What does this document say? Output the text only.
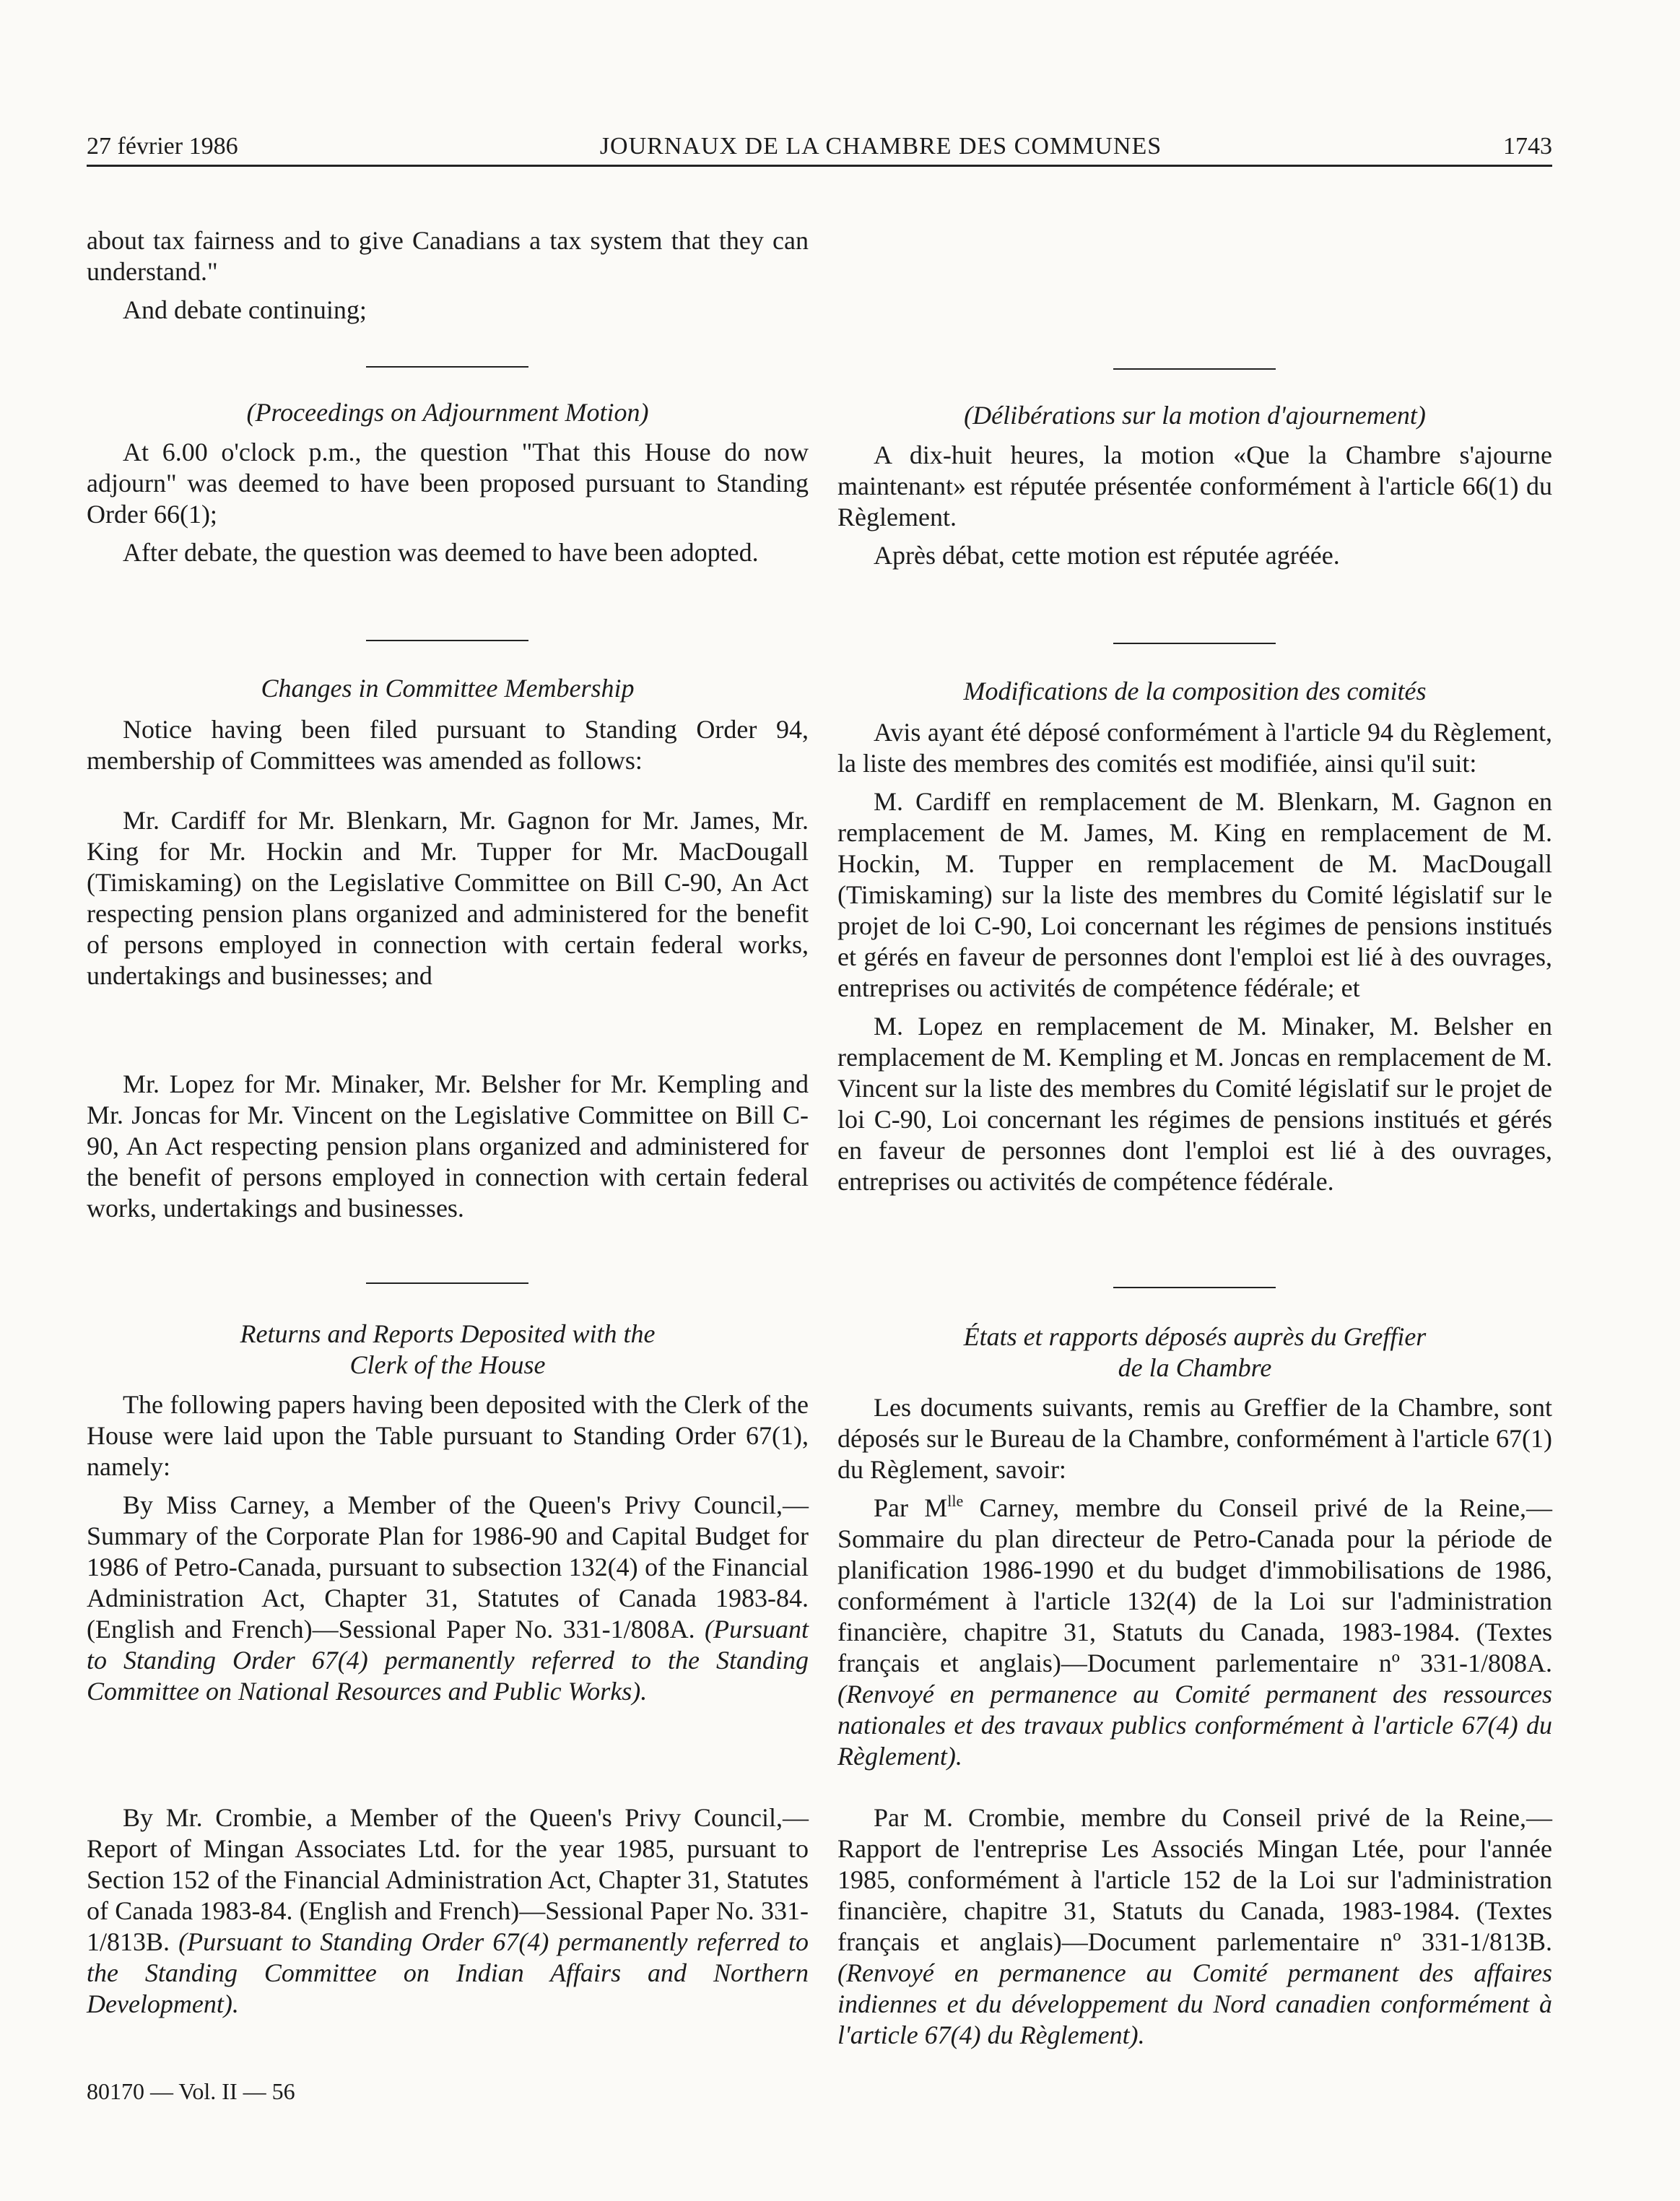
27 février 1986	JOURNAUX DE LA CHAMBRE DES COMMUNES	1743

about tax fairness and to give Canadians a tax system that they can understand."

And debate continuing;

(Proceedings on Adjournment Motion)

At 6.00 o'clock p.m., the question "That this House do now adjourn" was deemed to have been proposed pursuant to Standing Order 66(1);

After debate, the question was deemed to have been adopted.

Changes in Committee Membership

Notice having been filed pursuant to Standing Order 94, membership of Committees was amended as follows:

Mr. Cardiff for Mr. Blenkarn, Mr. Gagnon for Mr. James, Mr. King for Mr. Hockin and Mr. Tupper for Mr. MacDougall (Timiskaming) on the Legislative Committee on Bill C-90, An Act respecting pension plans organized and administered for the benefit of persons employed in connection with certain federal works, undertakings and businesses; and

Mr. Lopez for Mr. Minaker, Mr. Belsher for Mr. Kempling and Mr. Joncas for Mr. Vincent on the Legislative Committee on Bill C-90, An Act respecting pension plans organized and administered for the benefit of persons employed in connection with certain federal works, undertakings and businesses.

Returns and Reports Deposited with the

Clerk of the House

The following papers having been deposited with the Clerk of the House were laid upon the Table pursuant to Standing Order 67(1), namely:

By Miss Carney, a Member of the Queen's Privy Council,—Summary of the Corporate Plan for 1986-90 and Capital Budget for 1986 of Petro-Canada, pursuant to subsection 132(4) of the Financial Administration Act, Chapter 31, Statutes of Canada 1983-84. (English and French)—Sessional Paper No. 331-1/808A. (Pursuant to Standing Order 67(4) permanently referred to the Standing Committee on National Resources and Public Works).

By Mr. Crombie, a Member of the Queen's Privy Council,—Report of Mingan Associates Ltd. for the year 1985, pursuant to Section 152 of the Financial Administration Act, Chapter 31, Statutes of Canada 1983-84. (English and French)—Sessional Paper No. 331-1/813B. (Pursuant to Standing Order 67(4) permanently referred to the Standing Committee on Indian Affairs and Northern Development).

(Délibérations sur la motion d'ajournement)

A dix-huit heures, la motion «Que la Chambre s'ajourne maintenant» est réputée présentée conformément à l'article 66(1) du Règlement.

Après débat, cette motion est réputée agréée.

Modifications de la composition des comités

Avis ayant été déposé conformément à l'article 94 du Règlement, la liste des membres des comités est modifiée, ainsi qu'il suit:

M. Cardiff en remplacement de M. Blenkarn, M. Gagnon en remplacement de M. James, M. King en remplacement de M. Hockin, M. Tupper en remplacement de M. MacDougall (Timiskaming) sur la liste des membres du Comité législatif sur le projet de loi C-90, Loi concernant les régimes de pensions institués et gérés en faveur de personnes dont l'emploi est lié à des ouvrages, entreprises ou activités de compétence fédérale; et

M. Lopez en remplacement de M. Minaker, M. Belsher en remplacement de M. Kempling et M. Joncas en remplacement de M. Vincent sur la liste des membres du Comité législatif sur le projet de loi C-90, Loi concernant les régimes de pensions institués et gérés en faveur de personnes dont l'emploi est lié à des ouvrages, entreprises ou activités de compétence fédérale.

États et rapports déposés auprès du Greffier

de la Chambre

Les documents suivants, remis au Greffier de la Chambre, sont déposés sur le Bureau de la Chambre, conformément à l'article 67(1) du Règlement, savoir:

Par $M^{lle}$ Carney, membre du Conseil privé de la Reine,—Sommaire du plan directeur de Petro-Canada pour la période de planification 1986-1990 et du budget d'immobilisations de 1986, conformément à l'article 132(4) de la Loi sur l'administration financière, chapitre 31, Statuts du Canada, 1983-1984. (Textes français et anglais)—Document parlementaire nº 331-1/808A. (Renvoyé en permanence au Comité permanent des ressources nationales et des travaux publics conformément à l'article 67(4) du Règlement).

Par M. Crombie, membre du Conseil privé de la Reine,—Rapport de l'entreprise Les Associés Mingan Ltée, pour l'année 1985, conformément à l'article 152 de la Loi sur l'administration financière, chapitre 31, Statuts du Canada, 1983-1984. (Textes français et anglais)—Document parlementaire nº 331-1/813B. (Renvoyé en permanence au Comité permanent des affaires indiennes et du développement du Nord canadien conformément à l'article 67(4) du Règlement).

80170 — Vol. II — 56
